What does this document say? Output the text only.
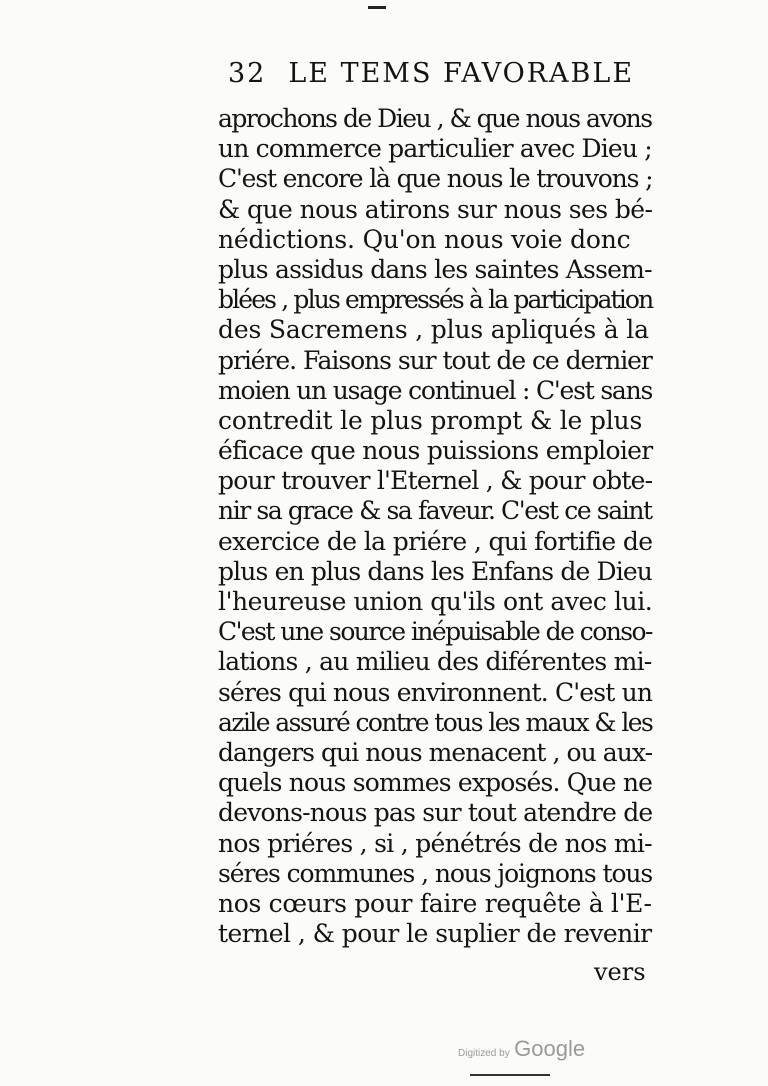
32 LE TEMS FAVORABLE
aprochons de Dieu , & que nous avons
un commerce particulier avec Dieu ;
C'est encore là que nous le trouvons ;
& que nous atirons sur nous ses bé-
nédictions. Qu'on nous voie donc
plus assidus dans les saintes Assem-
blées , plus empressés à la participation
des Sacremens , plus apliqués à la
priére. Faisons sur tout de ce dernier
moien un usage continuel : C'est sans
contredit le plus prompt & le plus
éficace que nous puissions emploier
pour trouver l'Eternel , & pour obte-
nir sa grace & sa faveur. C'est ce saint
exercice de la priére , qui fortifie de
plus en plus dans les Enfans de Dieu
l'heureuse union qu'ils ont avec lui.
C'est une source inépuisable de conso-
lations , au milieu des diférentes mi-
séres qui nous environnent. C'est un
azile assuré contre tous les maux & les
dangers qui nous menacent , ou aux-
quels nous sommes exposés. Que ne
devons-nous pas sur tout atendre de
nos priéres , si , pénétrés de nos mi-
séres communes , nous joignons tous
nos cœurs pour faire requête à l'E-
ternel , & pour le suplier de revenir
vers
Digitized by Google
